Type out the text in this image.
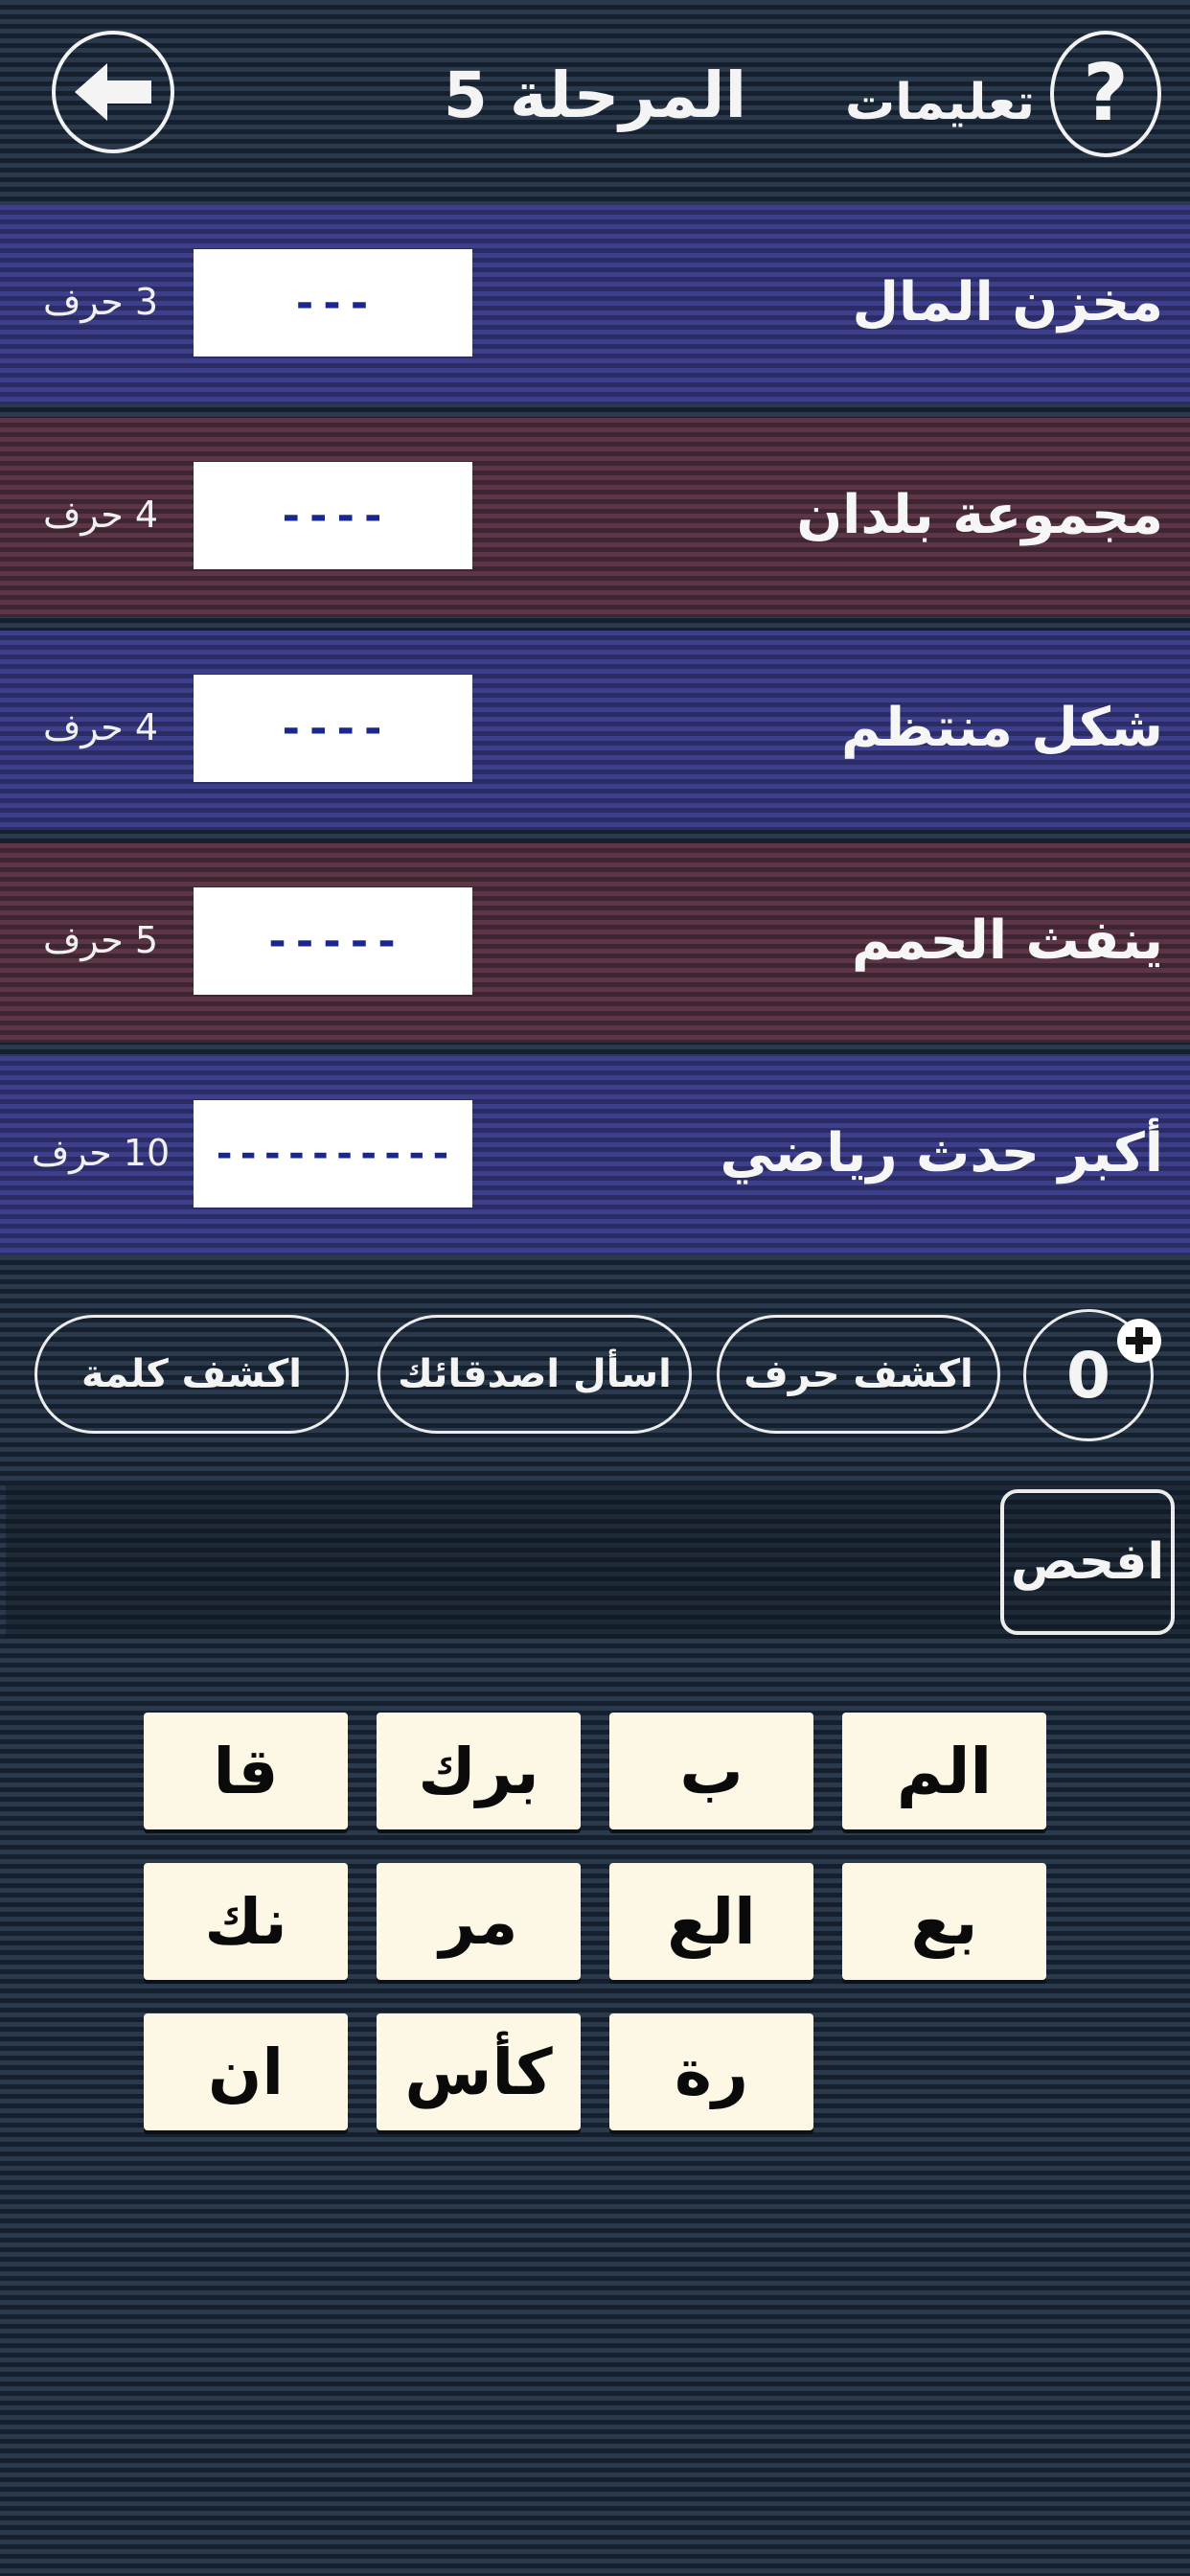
المرحلة 5	تعليمات ?
مخزن المال
---
3 حرف
مجموعة بلدان
----
4 حرف
شكل منتظم
----
4 حرف
ينفث الحمم
-----
5 حرف
أكبر حدث رياضي
----------
10 حرف
اكشف كلمة	اسأل اصدقائك	اكشف حرف	0
افحص
الم
ب
برك
قا
بع
الع
مر
نك
رة
كأس
ان
